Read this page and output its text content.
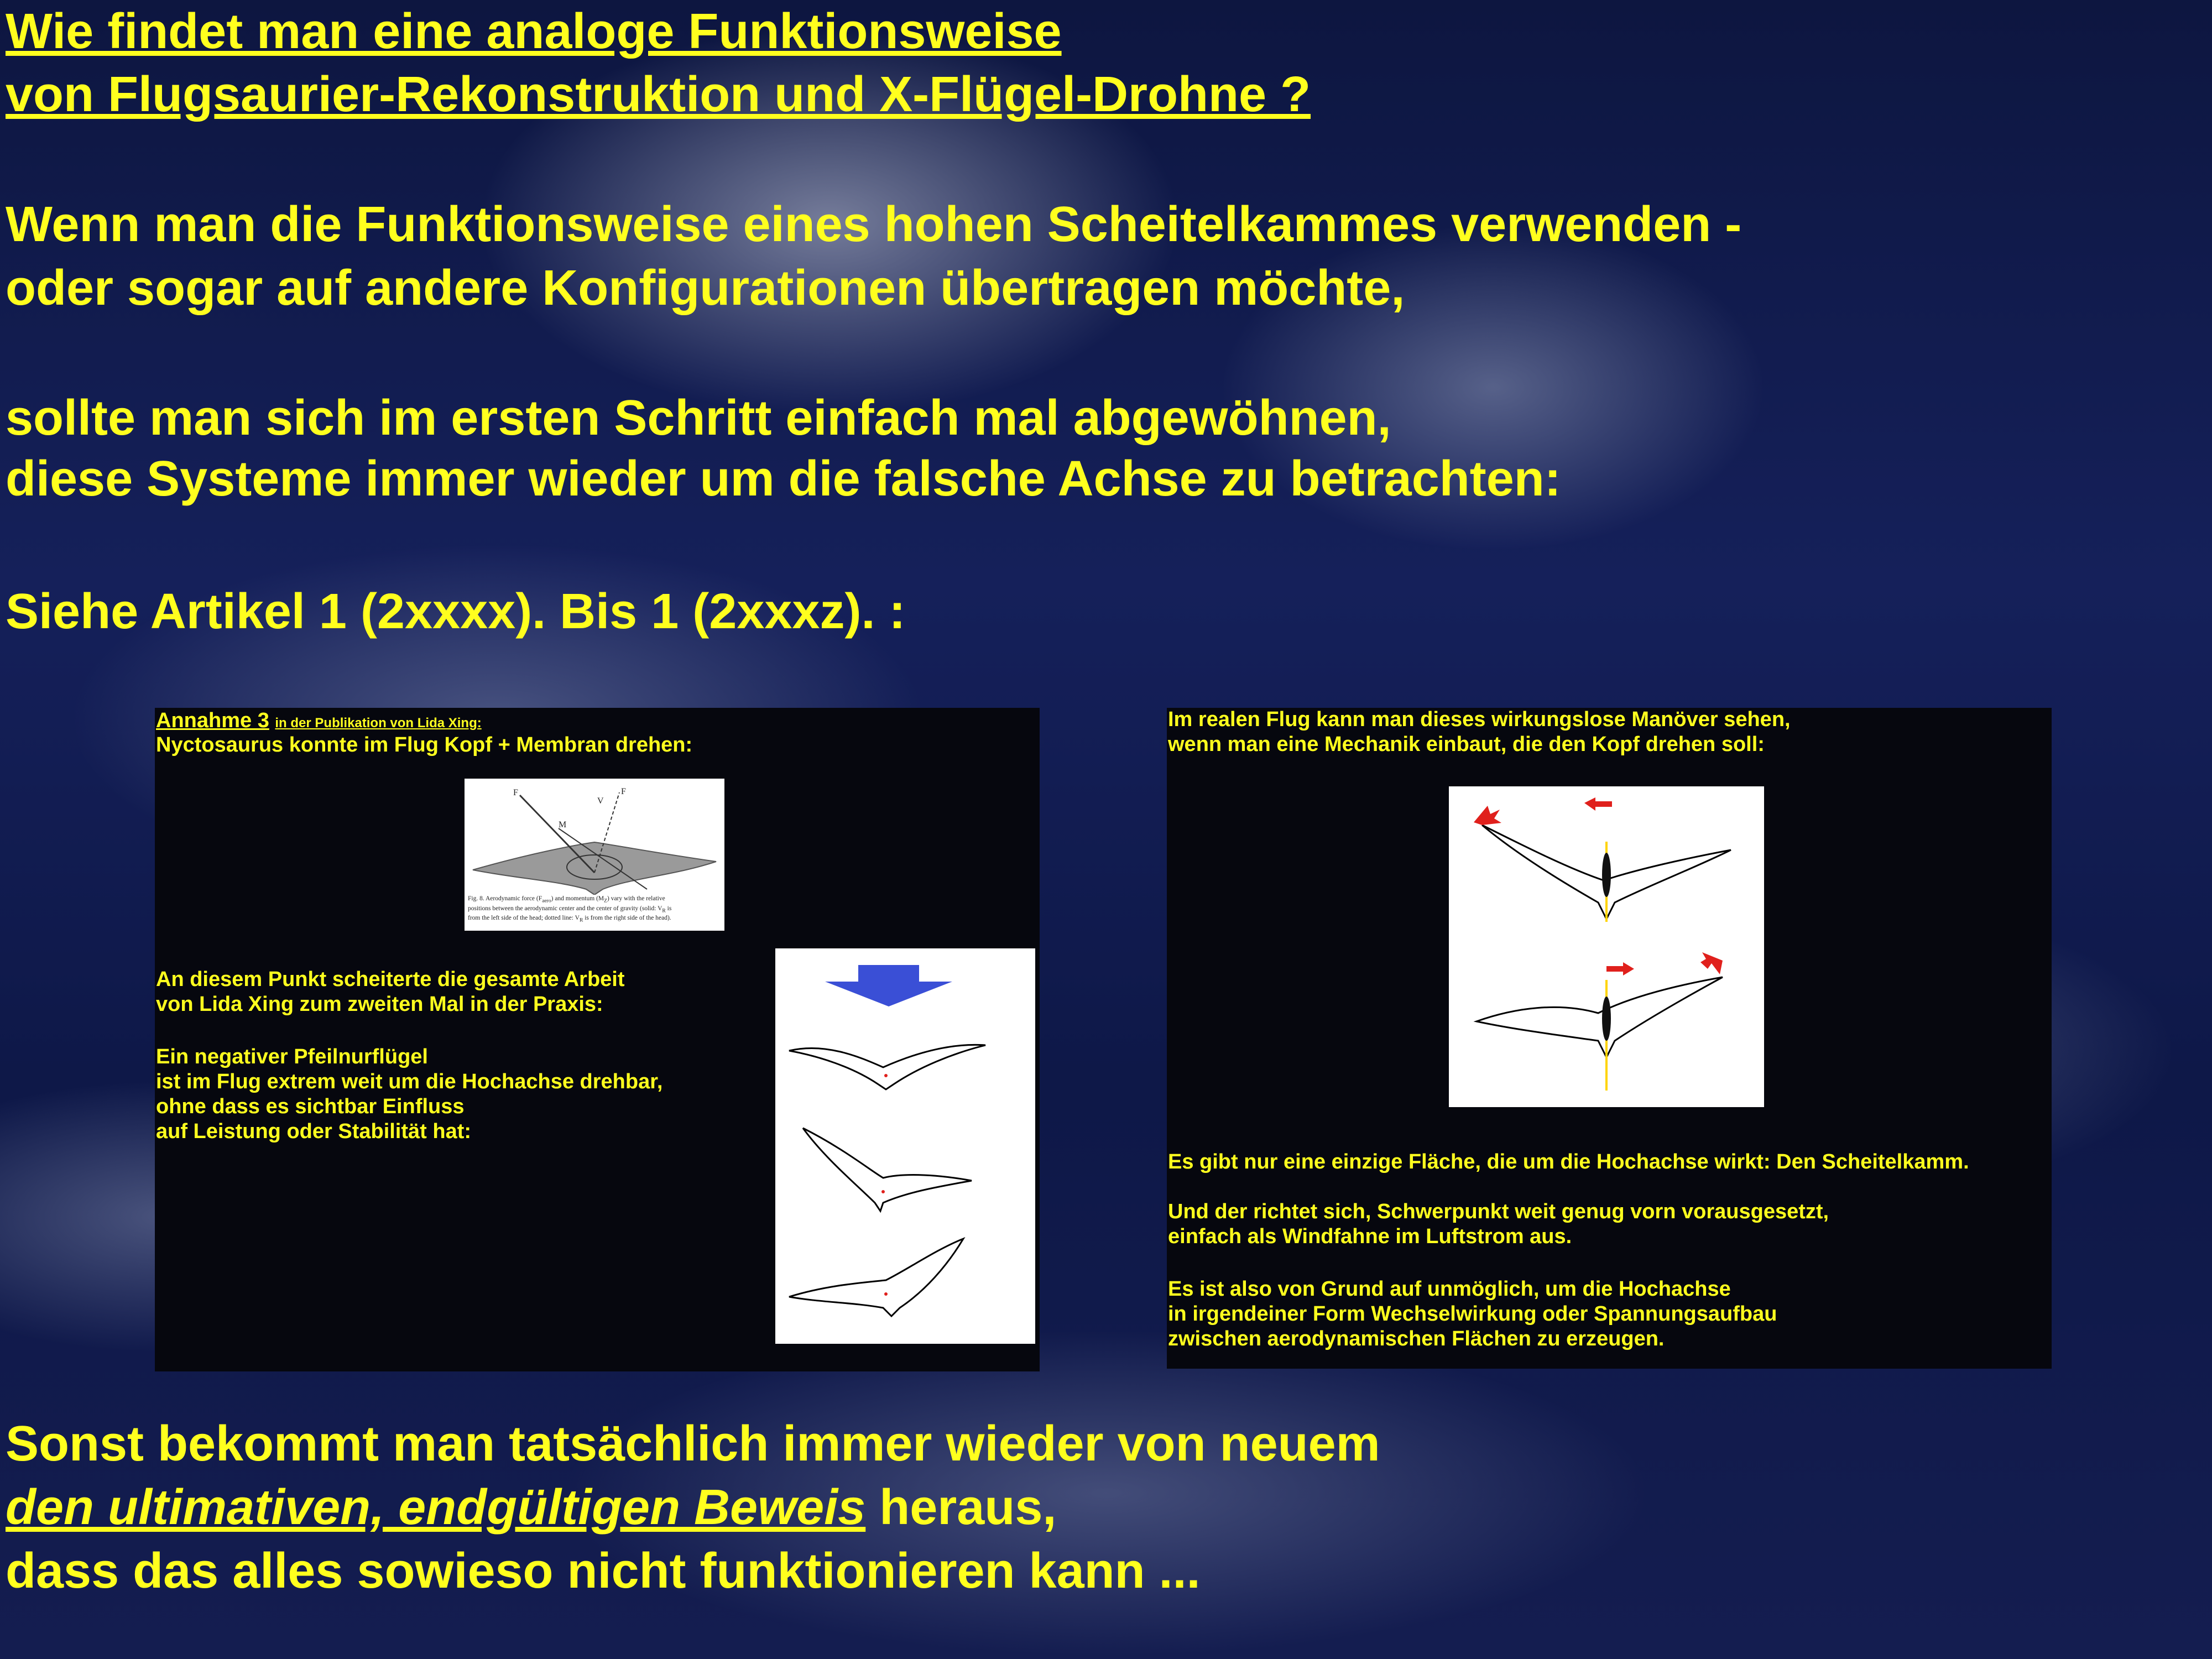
Wie findet man eine analoge Funktionsweise

von Flugsaurier-Rekonstruktion und X-Flügel-Drohne ?

Wenn man die Funktionsweise eines hohen Scheitelkammes verwenden -

oder sogar auf andere Konfigurationen übertragen möchte,

sollte man sich im ersten Schritt einfach mal abgewöhnen,

diese Systeme immer wieder um die falsche Achse zu betrachten:

Siehe Artikel 1 (2xxxx). Bis 1 (2xxxz). :

Annahme 3 in der Publikation von Lida Xing:

Nyctosaurus konnte im Flug Kopf + Membran drehen:

F	F
M
V
Fig. 8. Aerodynamic force $(F_{aero})$ and momentum $(M_Z)$ vary with the relative
positions between the aerodynamic center and the center of gravity (solid: $V_R$ is
from the left side of the head; dotted line: $V_R$ is from the right side of the head).

An diesem Punkt scheiterte die gesamte Arbeit

von Lida Xing zum zweiten Mal in der Praxis:

Ein negativer Pfeilnurflügel

ist im Flug extrem weit um die Hochachse drehbar,

ohne dass es sichtbar Einfluss

auf Leistung oder Stabilität hat:

Im realen Flug kann man dieses wirkungslose Manöver sehen,

wenn man eine Mechanik einbaut, die den Kopf drehen soll:

Es gibt nur eine einzige Fläche, die um die Hochachse wirkt: Den Scheitelkamm.

Und der richtet sich, Schwerpunkt weit genug vorn vorausgesetzt,

einfach als Windfahne im Luftstrom aus.

Es ist also von Grund auf unmöglich, um die Hochachse

in irgendeiner Form Wechselwirkung oder Spannungsaufbau

zwischen aerodynamischen Flächen zu erzeugen.

Sonst bekommt man tatsächlich immer wieder von neuem

den ultimativen, endgültigen Beweis heraus,

dass das alles sowieso nicht funktionieren kann ...
